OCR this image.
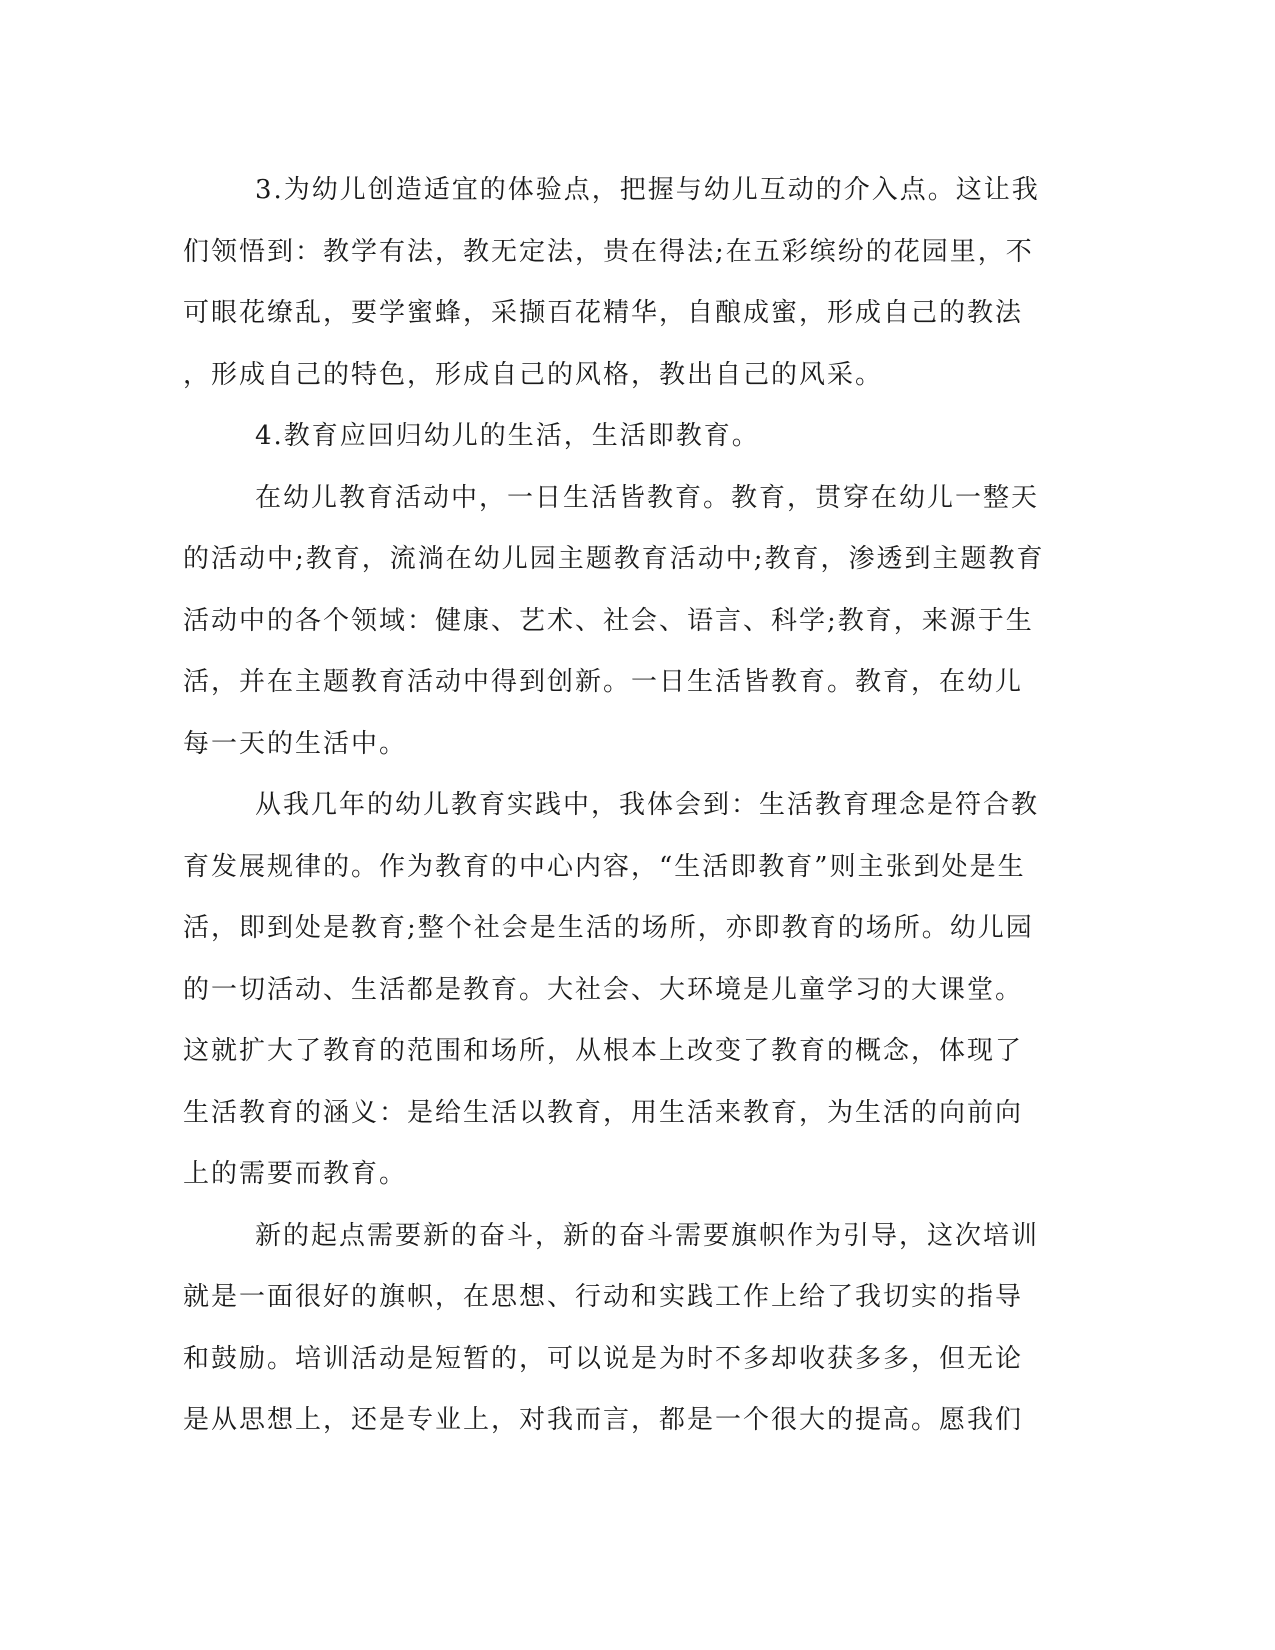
3.为幼儿创造适宜的体验点，把握与幼儿互动的介入点。这让我
们领悟到：教学有法，教无定法，贵在得法;在五彩缤纷的花园里，不
可眼花缭乱，要学蜜蜂，采撷百花精华，自酿成蜜，形成自己的教法
，形成自己的特色，形成自己的风格，教出自己的风采。
4.教育应回归幼儿的生活，生活即教育。
在幼儿教育活动中，一日生活皆教育。教育，贯穿在幼儿一整天
的活动中;教育，流淌在幼儿园主题教育活动中;教育，渗透到主题教育
活动中的各个领域：健康、艺术、社会、语言、科学;教育，来源于生
活，并在主题教育活动中得到创新。一日生活皆教育。教育，在幼儿
每一天的生活中。
从我几年的幼儿教育实践中，我体会到：生活教育理念是符合教
育发展规律的。作为教育的中心内容，“生活即教育”则主张到处是生
活，即到处是教育;整个社会是生活的场所，亦即教育的场所。幼儿园
的一切活动、生活都是教育。大社会、大环境是儿童学习的大课堂。
这就扩大了教育的范围和场所，从根本上改变了教育的概念，体现了
生活教育的涵义：是给生活以教育，用生活来教育，为生活的向前向
上的需要而教育。
新的起点需要新的奋斗，新的奋斗需要旗帜作为引导，这次培训
就是一面很好的旗帜，在思想、行动和实践工作上给了我切实的指导
和鼓励。培训活动是短暂的，可以说是为时不多却收获多多，但无论
是从思想上，还是专业上，对我而言，都是一个很大的提高。愿我们
